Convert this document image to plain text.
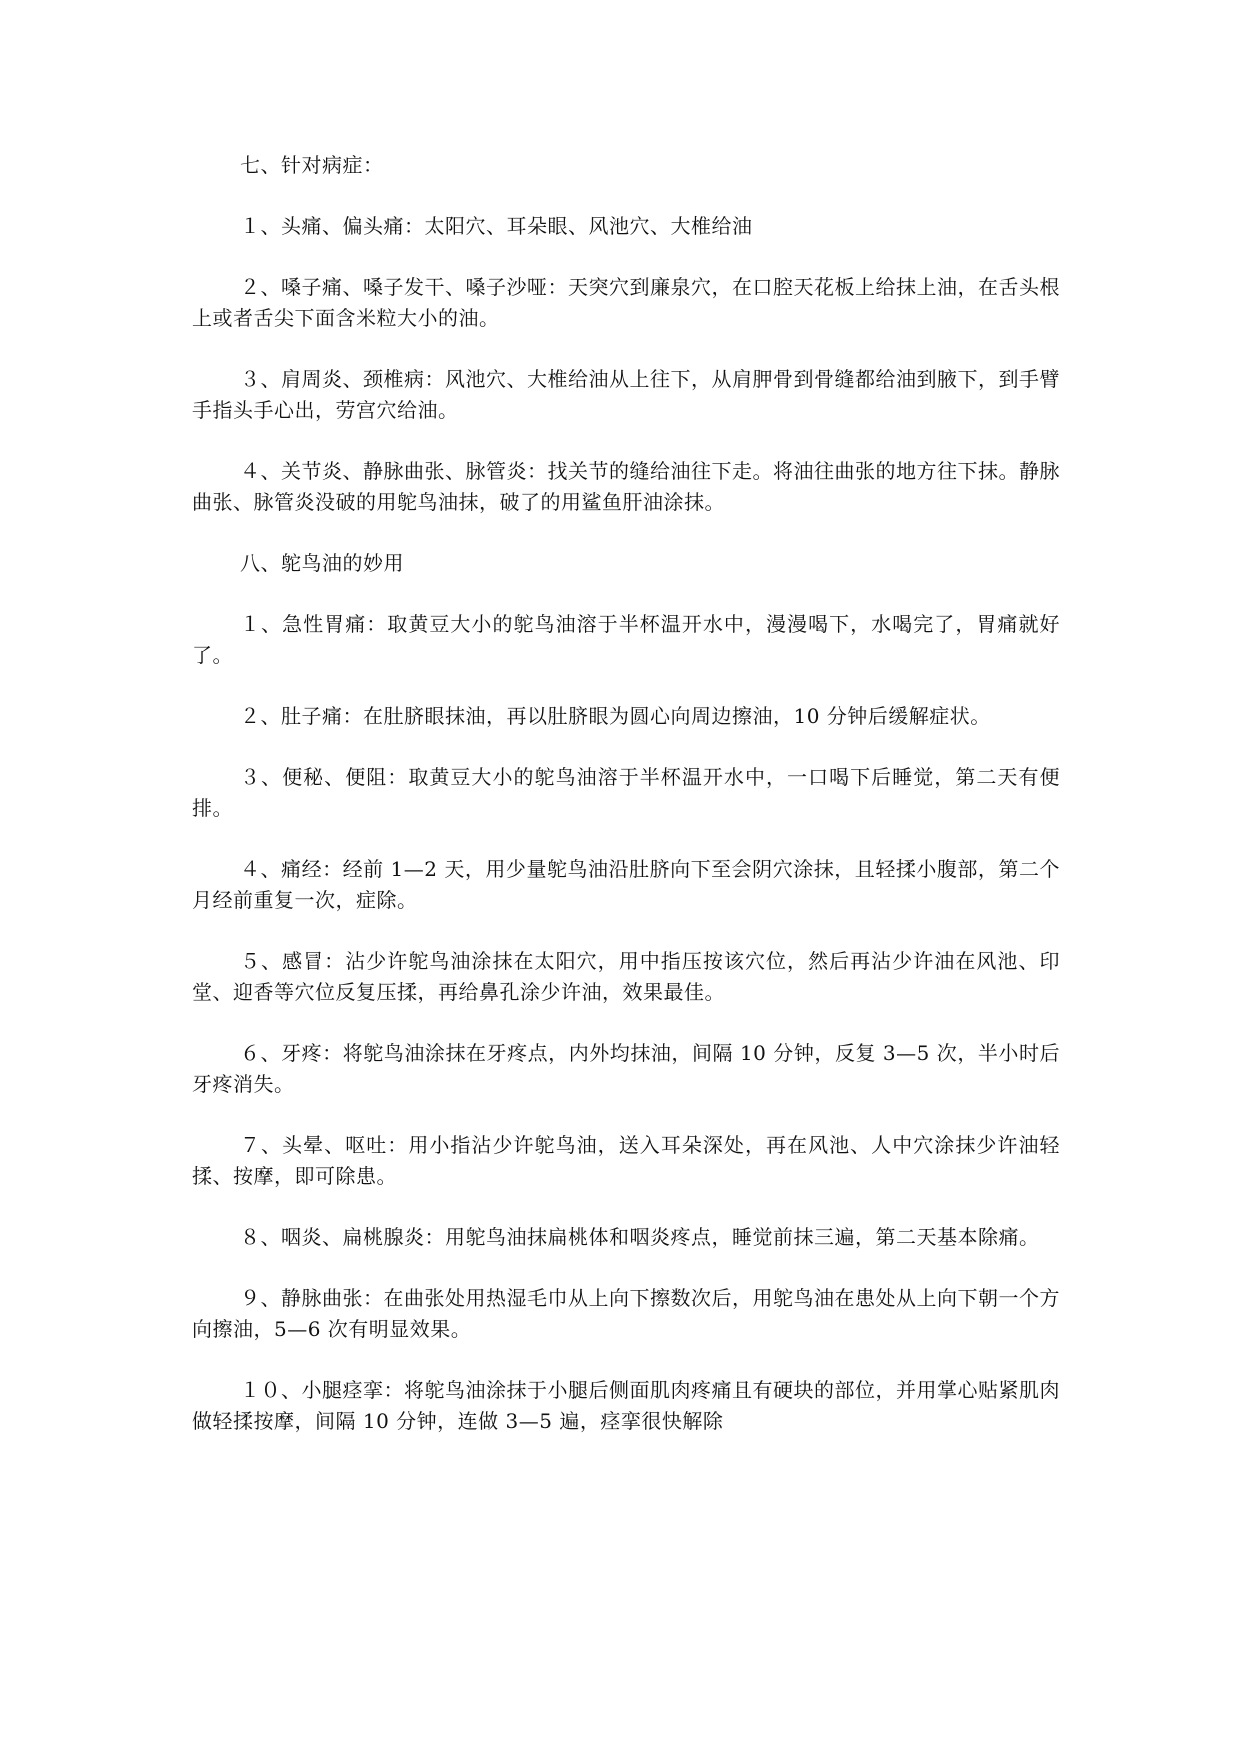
七、针对病症：

１、头痛、偏头痛：太阳穴、耳朵眼、风池穴、大椎给油

２、嗓子痛、嗓子发干、嗓子沙哑：天突穴到廉泉穴，在口腔天花板上给抹上油，在舌头根上或者舌尖下面含米粒大小的油。

３、肩周炎、颈椎病：风池穴、大椎给油从上往下，从肩胛骨到骨缝都给油到腋下，到手臂手指头手心出，劳宫穴给油。

４、关节炎、静脉曲张、脉管炎：找关节的缝给油往下走。将油往曲张的地方往下抹。静脉曲张、脉管炎没破的用鸵鸟油抹，破了的用鲨鱼肝油涂抹。

八、鸵鸟油的妙用

１、急性胃痛：取黄豆大小的鸵鸟油溶于半杯温开水中，漫漫喝下，水喝完了，胃痛就好了。

２、肚子痛：在肚脐眼抹油，再以肚脐眼为圆心向周边擦油，10 分钟后缓解症状。

３、便秘、便阻：取黄豆大小的鸵鸟油溶于半杯温开水中，一口喝下后睡觉，第二天有便排。

４、痛经：经前 1—2 天，用少量鸵鸟油沿肚脐向下至会阴穴涂抹，且轻揉小腹部，第二个月经前重复一次，症除。

５、感冒：沾少许鸵鸟油涂抹在太阳穴，用中指压按该穴位，然后再沾少许油在风池、印堂、迎香等穴位反复压揉，再给鼻孔涂少许油，效果最佳。

６、牙疼：将鸵鸟油涂抹在牙疼点，内外均抹油，间隔 10 分钟，反复 3—5 次，半小时后牙疼消失。

７、头晕、呕吐：用小指沾少许鸵鸟油，送入耳朵深处，再在风池、人中穴涂抹少许油轻揉、按摩，即可除患。

８、咽炎、扁桃腺炎：用鸵鸟油抹扁桃体和咽炎疼点，睡觉前抹三遍，第二天基本除痛。

９、静脉曲张：在曲张处用热湿毛巾从上向下擦数次后，用鸵鸟油在患处从上向下朝一个方向擦油，5—6 次有明显效果。

１０、小腿痉挛：将鸵鸟油涂抹于小腿后侧面肌肉疼痛且有硬块的部位，并用掌心贴紧肌肉做轻揉按摩，间隔 10 分钟，连做 3—5 遍，痉挛很快解除
